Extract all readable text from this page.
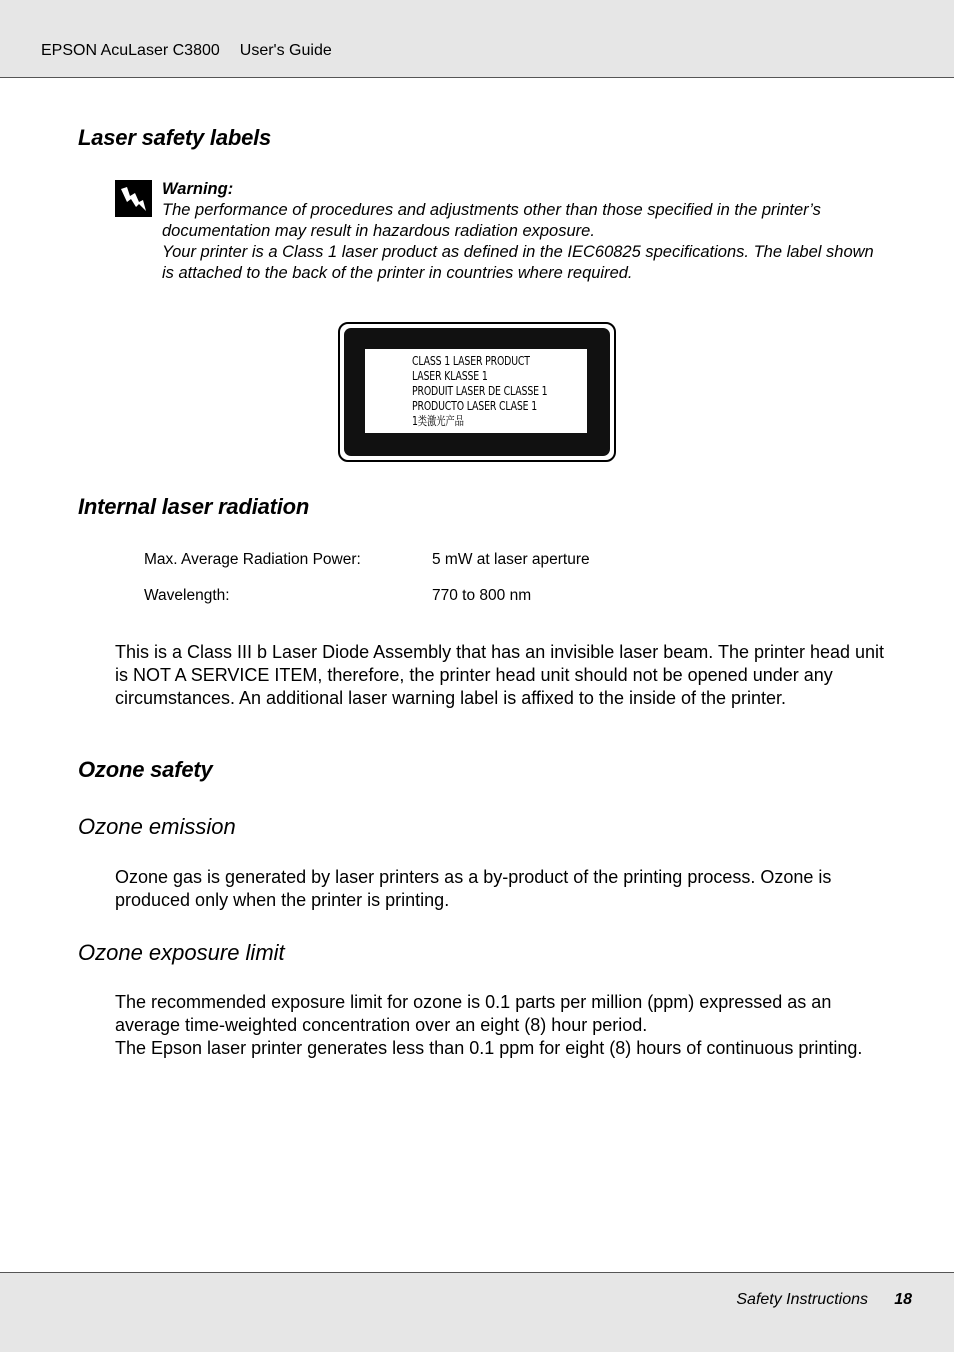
EPSON AcuLaser C3800 User's Guide
Laser safety labels
Warning:

The performance of procedures and adjustments other than those specified in the printer’s documentation may result in hazardous radiation exposure.

Your printer is a Class 1 laser product as defined in the IEC60825 specifications. The label shown is attached to the back of the printer in countries where required.

CLASS 1 LASER PRODUCT
LASER KLASSE 1
PRODUIT LASER DE CLASSE 1
PRODUCTO LASER CLASE 1
1类激光产品
Internal laser radiation
Max. Average Radiation Power:	5 mW at laser aperture
Wavelength:	770 to 800 nm

This is a Class III b Laser Diode Assembly that has an invisible laser beam. The printer head unit is NOT A SERVICE ITEM, therefore, the printer head unit should not be opened under any circumstances. An additional laser warning label is affixed to the inside of the printer.

Ozone safety
Ozone emission

Ozone gas is generated by laser printers as a by-product of the printing process. Ozone is produced only when the printer is printing.

Ozone exposure limit

The recommended exposure limit for ozone is 0.1 parts per million (ppm) expressed as an average time-weighted concentration over an eight (8) hour period.

The Epson laser printer generates less than 0.1 ppm for eight (8) hours of continuous printing.

Safety Instructions 18
